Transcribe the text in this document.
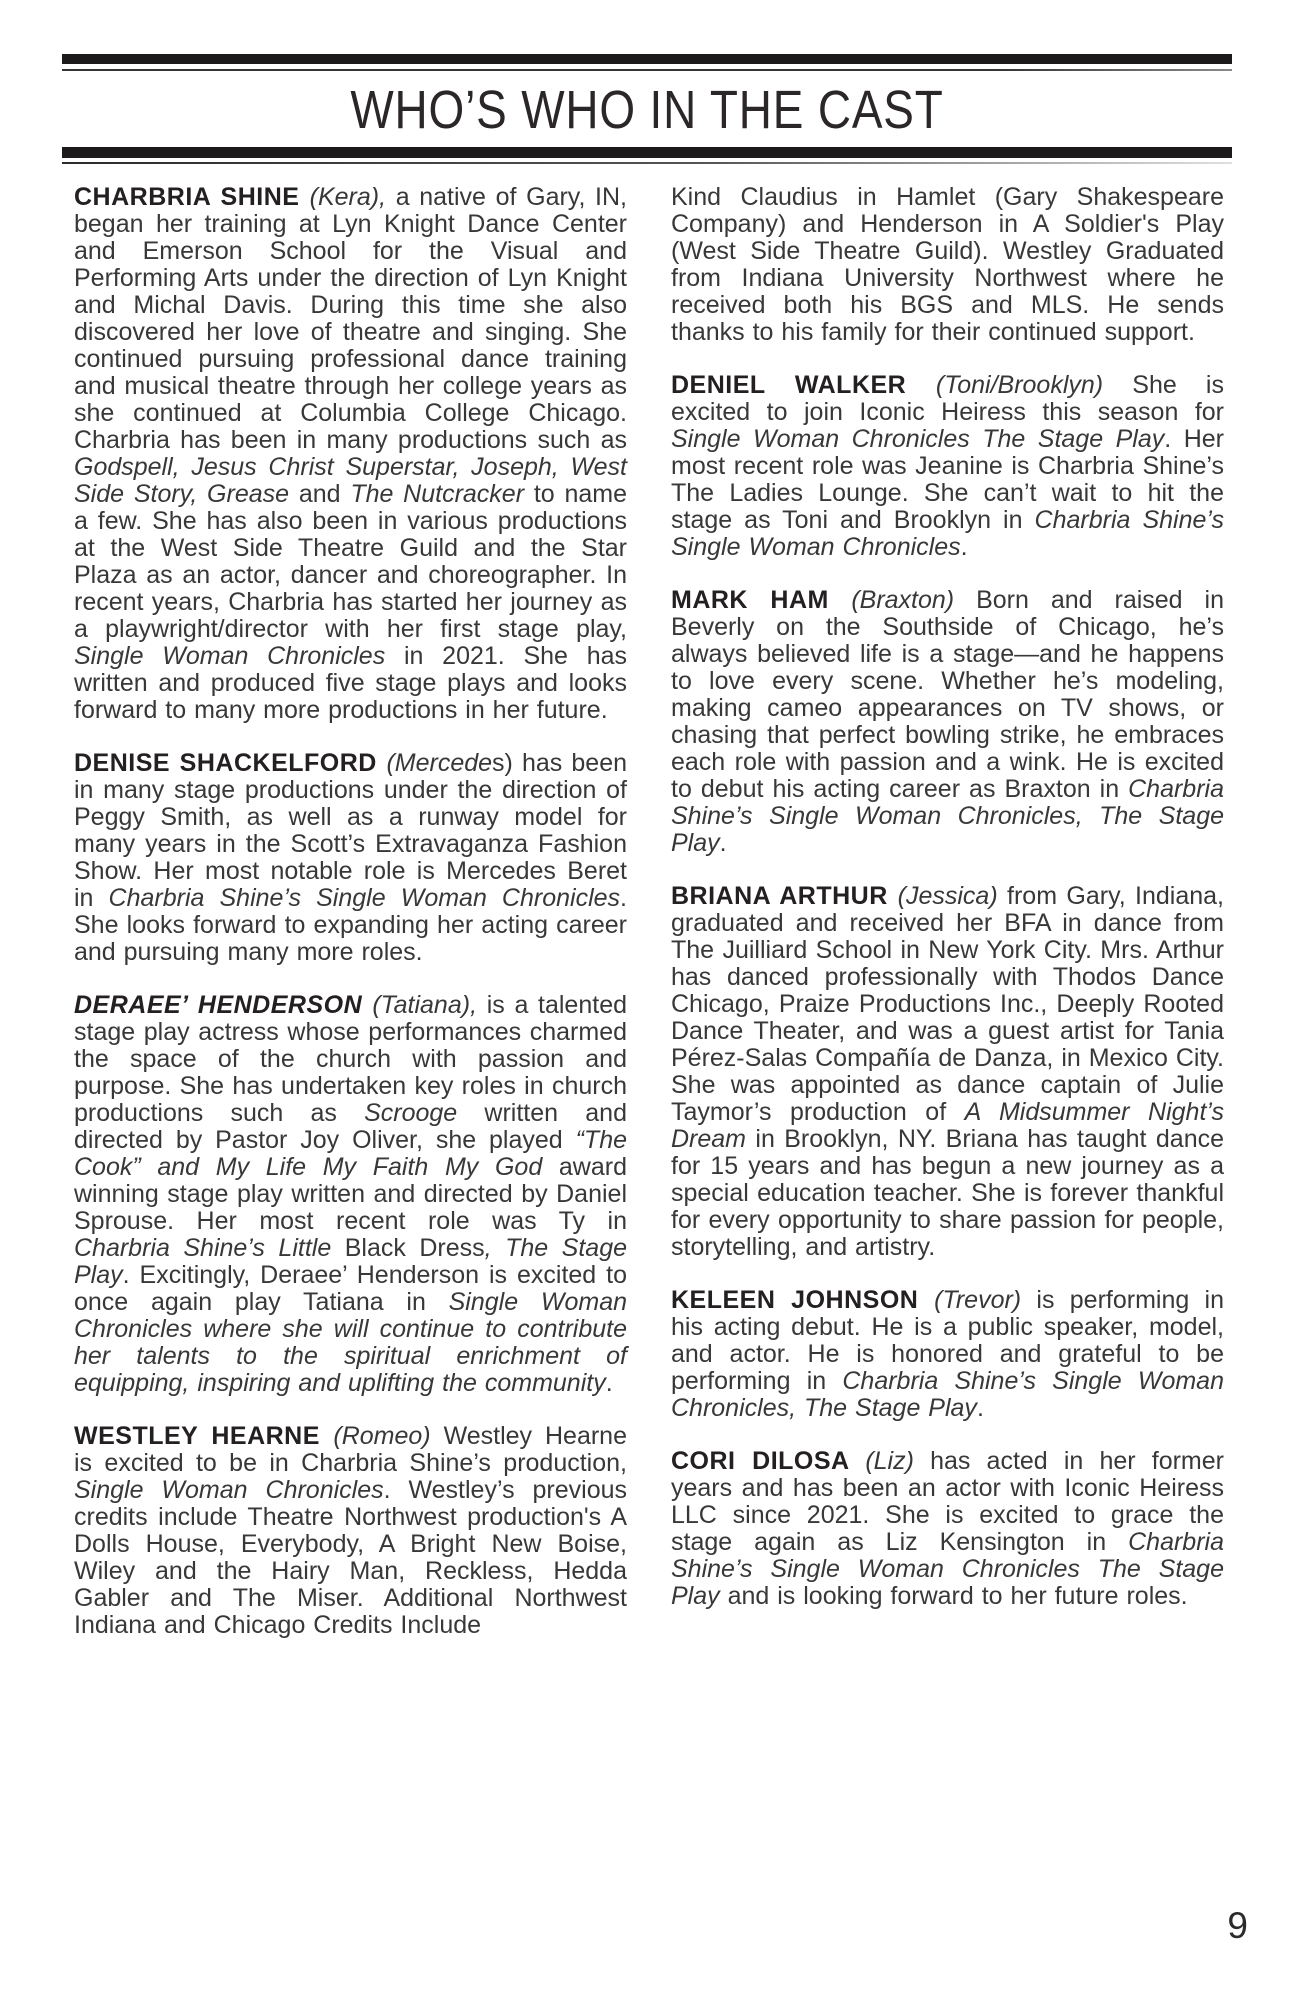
WHO’S WHO IN THE CAST

CHARBRIA SHINE (Kera), a native of Gary, IN, began her training at Lyn Knight Dance Center and Emerson School for the Visual and Performing Arts under the direction of Lyn Knight and Michal Davis. During this time she also discovered her love of theatre and singing. She continued pursuing professional dance training and musical theatre through her college years as she continued at Columbia College Chicago. Charbria has been in many productions such as Godspell, Jesus Christ Superstar, Joseph, West Side Story, Grease and The Nutcracker to name a few. She has also been in various productions at the West Side Theatre Guild and the Star Plaza as an actor, dancer and choreographer. In recent years, Charbria has started her journey as a playwright/director with her first stage play, Single Woman Chronicles in 2021. She has written and produced five stage plays and looks forward to many more productions in her future.

DENISE SHACKELFORD (Mercedes) has been in many stage productions under the direction of Peggy Smith, as well as a runway model for many years in the Scott’s Extravaganza Fashion Show. Her most notable role is Mercedes Beret in Charbria Shine’s Single Woman Chronicles. She looks forward to expanding her acting career and pursuing many more roles.

DERAEE’ HENDERSON (Tatiana), is a talented stage play actress whose performances charmed the space of the church with passion and purpose. She has undertaken key roles in church productions such as Scrooge written and directed by Pastor Joy Oliver, she played “The Cook” and My Life My Faith My God award winning stage play written and directed by Daniel Sprouse. Her most recent role was Ty in Charbria Shine’s Little Black Dress, The Stage Play. Excitingly, Deraee’ Henderson is excited to once again play Tatiana in Single Woman Chronicles where she will continue to contribute her talents to the spiritual enrichment of equipping, inspiring and uplifting the community.

WESTLEY HEARNE (Romeo) Westley Hearne is excited to be in Charbria Shine’s production, Single Woman Chronicles. Westley’s previous credits include Theatre Northwest production's A Dolls House, Everybody, A Bright New Boise, Wiley and the Hairy Man, Reckless, Hedda Gabler and The Miser. Additional Northwest Indiana and Chicago Credits Include

Kind Claudius in Hamlet (Gary Shakespeare Company) and Henderson in A Soldier's Play (West Side Theatre Guild). Westley Graduated from Indiana University Northwest where he received both his BGS and MLS. He sends thanks to his family for their continued support.

DENIEL WALKER (Toni/Brooklyn) She is excited to join Iconic Heiress this season for Single Woman Chronicles The Stage Play. Her most recent role was Jeanine is Charbria Shine’s The Ladies Lounge. She can’t wait to hit the stage as Toni and Brooklyn in Charbria Shine’s Single Woman Chronicles.

MARK HAM (Braxton) Born and raised in Beverly on the Southside of Chicago, he’s always believed life is a stage—and he happens to love every scene. Whether he’s modeling, making cameo appearances on TV shows, or chasing that perfect bowling strike, he embraces each role with passion and a wink. He is excited to debut his acting career as Braxton in Charbria Shine’s Single Woman Chronicles, The Stage Play.

BRIANA ARTHUR (Jessica) from Gary, Indiana, graduated and received her BFA in dance from The Juilliard School in New York City. Mrs. Arthur has danced professionally with Thodos Dance Chicago, Praize Productions Inc., Deeply Rooted Dance Theater, and was a guest artist for Tania Pérez-Salas Compañía de Danza, in Mexico City. She was appointed as dance captain of Julie Taymor’s production of A Midsummer Night’s Dream in Brooklyn, NY. Briana has taught dance for 15 years and has begun a new journey as a special education teacher. She is forever thankful for every opportunity to share passion for people, storytelling, and artistry.

KELEEN JOHNSON (Trevor) is performing in his acting debut. He is a public speaker, model, and actor. He is honored and grateful to be performing in Charbria Shine’s Single Woman Chronicles, The Stage Play.

CORI DILOSA (Liz) has acted in her former years and has been an actor with Iconic Heiress LLC since 2021. She is excited to grace the stage again as Liz Kensington in Charbria Shine’s Single Woman Chronicles The Stage Play and is looking forward to her future roles.

9
